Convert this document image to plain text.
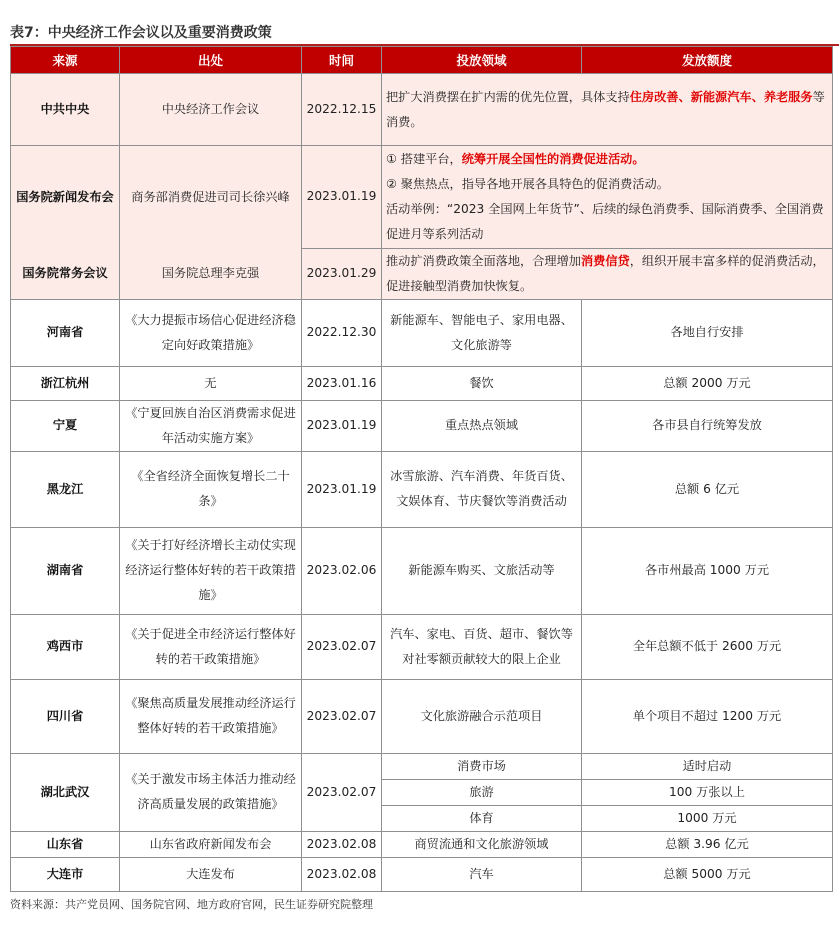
表7：中央经济工作会议以及重要消费政策
来源	出处	时间	投放领域	发放额度
中共中央	中央经济工作会议	2022.12.15	把扩大消费摆在扩内需的优先位置，具体支持住房改善、新能源汽车、养老服务等消费。	
国务院新闻发布会	商务部消费促进司司长徐兴峰	2023.01.19	① 搭建平台，统筹开展全国性的消费促进活动。
② 聚焦热点，指导各地开展各具特色的促消费活动。
活动举例：“2023 全国网上年货节”、后续的绿色消费季、国际消费季、全国消费促进月等系列活动	

国务院常务会议	国务院总理李克强	2023.01.29	推动扩消费政策全面落地，合理增加消费信贷，组织开展丰富多样的促消费活动，促进接触型消费加快恢复。	
河南省	《大力提振市场信心促进经济稳定向好政策措施》	2022.12.30	新能源车、智能电子、家用电器、文化旅游等	各地自行安排
浙江杭州	无	2023.01.16	餐饮	总额 2000 万元
宁夏	《宁夏回族自治区消费需求促进年活动实施方案》	2023.01.19	重点热点领域	各市县自行统筹发放
黑龙江	《全省经济全面恢复增长二十条》	2023.01.19	冰雪旅游、汽车消费、年货百货、文娱体育、节庆餐饮等消费活动	总额 6 亿元
湖南省	《关于打好经济增长主动仗实现经济运行整体好转的若干政策措施》	2023.02.06	新能源车购买、文旅活动等	各市州最高 1000 万元
鸡西市	《关于促进全市经济运行整体好转的若干政策措施》	2023.02.07	汽车、家电、百货、超市、餐饮等对社零额贡献较大的限上企业	全年总额不低于 2600 万元
四川省	《聚焦高质量发展推动经济运行整体好转的若干政策措施》	2023.02.07	文化旅游融合示范项目	单个项目不超过 1200 万元
湖北武汉	《关于激发市场主体活力推动经济高质量发展的政策措施》	2023.02.07	消费市场	适时启动
			旅游	100 万张以上
			体育	1000 万元
山东省	山东省政府新闻发布会	2023.02.08	商贸流通和文化旅游领域	总额 3.96 亿元
大连市	大连发布	2023.02.08	汽车	总额 5000 万元
资料来源：共产党员网、国务院官网、地方政府官网，民生证券研究院整理
